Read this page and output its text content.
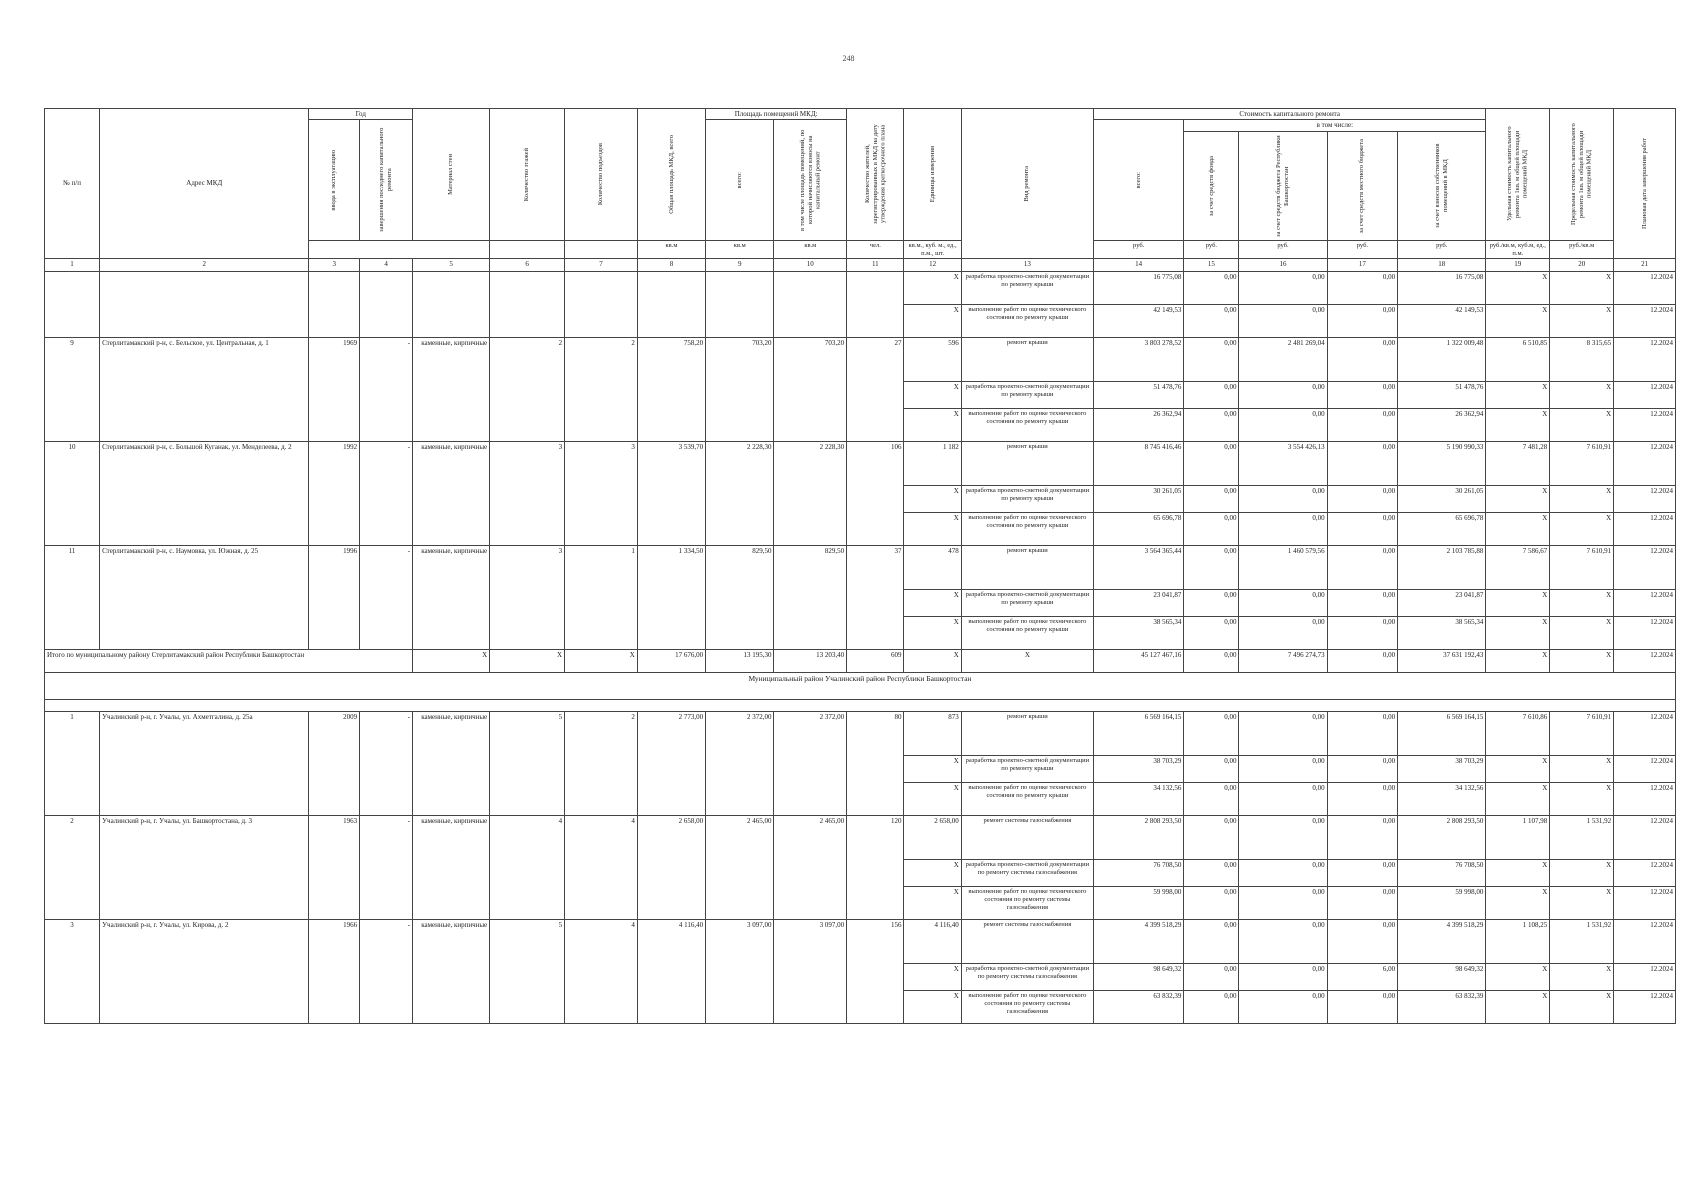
248
№ п/п	Адрес МКД	Год		Материал стен	Количество этажей	Количество подъездов	Общая площадь МКД, всего	Площадь помещений МКД:		Количество жителей, зарегистрированных в МКД на дату утверждения краткосрочного плана	Единицы измерения	Вид ремонта	Стоимость капитального ремонта					Удельная стоимость капитального ремонта 1кв. м общей площади помещений МКД	Предельная стоимость капитального ремонта 1кв. м общей площади помещений МКД	Плановая дата завершения работ

		ввода в эксплуатацию	завершения последнего капитального ремонта					всего:	в том числе площадь помещений, по которой начисляются взносы на капитальный ремонт				всего:	в том числе:						

														за счет средств фонда	за счет средств бюджета Республики Башкортостан	за счет средств местного бюджета	за счет взносов собственников помещений в МКД			

							кв.м	кв.м	кв.м	чел.	кв.м., куб. м., ед., п.м., шт.		руб.	руб.	руб.	руб.	руб.	руб./кв.м, куб.м, ед., п.м.	руб./кв.м	
1	2	3	4	5	6	7	8	9	10	11	12	13	14	15	16	17	18	19	20	21
											X	разработка проектно-сметной документации по ремонту крыши	16 775,08	0,00	0,00	0,00	16 775,08	X	X	12.2024
											X	выполнение работ по оценке технического состояния по ремонту крыши	42 149,53	0,00	0,00	0,00	42 149,53	X	X	12.2024
9	Стерлитамакский р-н, с. Бельское, ул. Центральная, д. 1	1969	-	каменные, кирпичные	2	2	758,20	703,20	703,20	27	596	ремонт крыши	3 803 278,52	0,00	2 481 269,04	0,00	1 322 009,48	6 510,85	8 315,65	12.2024
											X	разработка проектно-сметной документации по ремонту крыши	51 478,76	0,00	0,00	0,00	51 478,76	X	X	12.2024
											X	выполнение работ по оценке технического состояния по ремонту крыши	26 362,94	0,00	0,00	0,00	26 362,94	X	X	12.2024
10	Стерлитамакский р-н, с. Большой Куганак, ул. Менделеева, д. 2	1992	-	каменные, кирпичные	3	3	3 539,70	2 228,30	2 228,30	106	1 182	ремонт крыши	8 745 416,46	0,00	3 554 426,13	0,00	5 190 990,33	7 481,28	7 610,91	12.2024
											X	разработка проектно-сметной документации по ремонту крыши	30 261,05	0,00	0,00	0,00	30 261,05	X	X	12.2024
											X	выполнение работ по оценке технического состояния по ремонту крыши	65 696,78	0,00	0,00	0,00	65 696,78	X	X	12.2024
11	Стерлитамакский р-н, с. Наумовка, ул. Южная, д. 25	1996	-	каменные, кирпичные	3	1	1 334,50	829,50	829,50	37	478	ремонт крыши	3 564 365,44	0,00	1 460 579,56	0,00	2 103 785,88	7 586,67	7 610,91	12.2024
											X	разработка проектно-сметной документации по ремонту крыши	23 041,87	0,00	0,00	0,00	23 041,87	X	X	12.2024
											X	выполнение работ по оценке технического состояния по ремонту крыши	38 565,34	0,00	0,00	0,00	38 565,34	X	X	12.2024
Итого по муниципальному району Стерлитамакский район Республики Башкортостан				X	X	X	17 676,00	13 195,30	13 203,40	609	X	X	45 127 467,16	0,00	7 496 274,73	0,00	37 631 192,43	X	X	12.2024
Муниципальный район Учалинский район Республики Башкортостан																				

1	Учалинский р-н, г. Учалы, ул. Ахметгалина, д. 25а	2009	-	каменные, кирпичные	5	2	2 773,00	2 372,00	2 372,00	80	873	ремонт крыши	6 569 164,15	0,00	0,00	0,00	6 569 164,15	7 610,86	7 610,91	12.2024
											X	разработка проектно-сметной документации по ремонту крыши	38 703,29	0,00	0,00	0,00	38 703,29	X	X	12.2024
											X	выполнение работ по оценке технического состояния по ремонту крыши	34 132,56	0,00	0,00	0,00	34 132,56	X	X	12.2024
2	Учалинский р-н, г. Учалы, ул. Башкортостана, д. 3	1963	-	каменные, кирпичные	4	4	2 658,00	2 465,00	2 465,00	120	2 658,00	ремонт системы газоснабжения	2 808 293,50	0,00	0,00	0,00	2 808 293,50	1 107,98	1 531,92	12.2024
											X	разработка проектно-сметной документации по ремонту системы газоснабжения	76 708,50	0,00	0,00	0,00	76 708,50	X	X	12.2024
											X	выполнение работ по оценке технического состояния по ремонту системы газоснабжения	59 998,00	0,00	0,00	0,00	59 998,00	X	X	12.2024
3	Учалинский р-н, г. Учалы, ул. Кирова, д. 2	1966	-	каменные, кирпичные	5	4	4 116,40	3 097,00	3 097,00	156	4 116,40	ремонт системы газоснабжения	4 399 518,29	0,00	0,00	0,00	4 399 518,29	1 108,25	1 531,92	12.2024
											X	разработка проектно-сметной документации по ремонту системы газоснабжения	98 649,32	0,00	0,00	6,00	98 649,32	X	X	12.2024
											X	выполнение работ по оценке технического состояния по ремонту системы газоснабжения	63 832,39	0,00	0,00	0,00	63 832,39	X	X	12.2024
